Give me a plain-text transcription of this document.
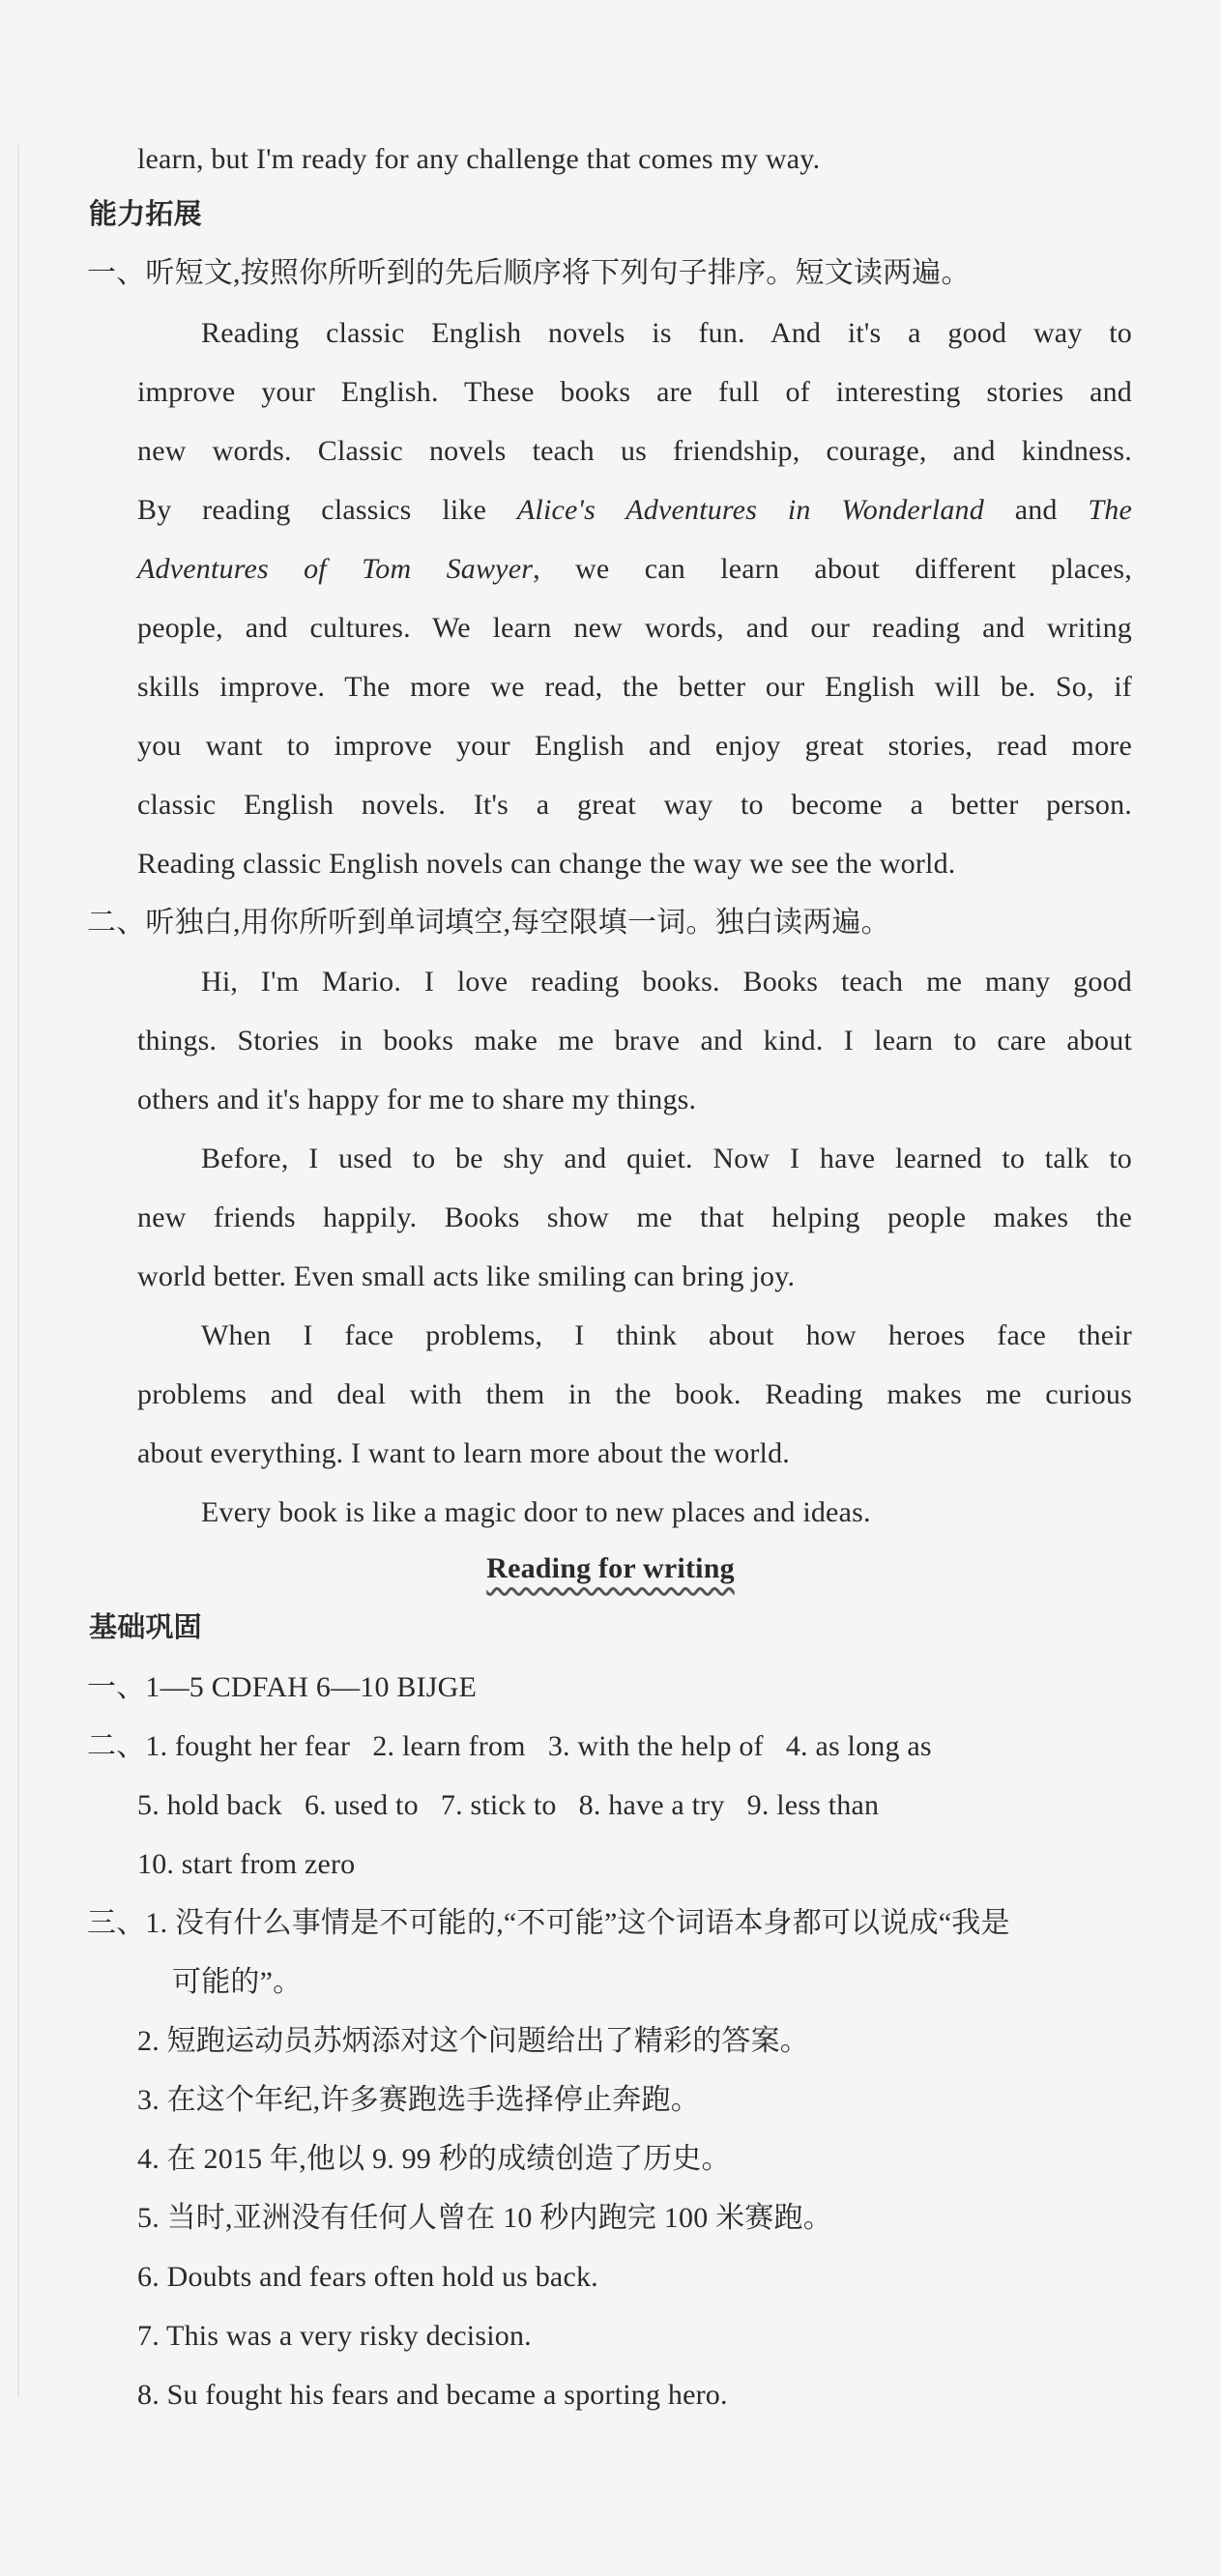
learn, but I'm ready for any challenge that comes my way.
能力拓展
一、听短文,按照你所听到的先后顺序将下列句子排序。短文读两遍。
Reading classic English novels is fun. And it's a good way to
improve your English. These books are full of interesting stories and
new words. Classic novels teach us friendship, courage, and kindness.
By reading classics like Alice's Adventures in Wonderland and The
Adventures of Tom Sawyer, we can learn about different places,
people, and cultures. We learn new words, and our reading and writing
skills improve. The more we read, the better our English will be. So, if
you want to improve your English and enjoy great stories, read more
classic English novels. It's a great way to become a better person.
Reading classic English novels can change the way we see the world.
二、听独白,用你所听到单词填空,每空限填一词。独白读两遍。
Hi, I'm Mario. I love reading books. Books teach me many good
things. Stories in books make me brave and kind. I learn to care about
others and it's happy for me to share my things.
Before, I used to be shy and quiet. Now I have learned to talk to
new friends happily. Books show me that helping people makes the
world better. Even small acts like smiling can bring joy.
When I face problems, I think about how heroes face their
problems and deal with them in the book. Reading makes me curious
about everything. I want to learn more about the world.
Every book is like a magic door to new places and ideas.
Reading for writing
基础巩固
一、1—5 CDFAH 6—10 BIJGE
二、1. fought her fear   2. learn from   3. with the help of   4. as long as
5. hold back   6. used to   7. stick to   8. have a try   9. less than
10. start from zero
三、1. 没有什么事情是不可能的,“不可能”这个词语本身都可以说成“我是
可能的”。
2. 短跑运动员苏炳添对这个问题给出了精彩的答案。
3. 在这个年纪,许多赛跑选手选择停止奔跑。
4. 在 2015 年,他以 9. 99 秒的成绩创造了历史。
5. 当时,亚洲没有任何人曾在 10 秒内跑完 100 米赛跑。
6. Doubts and fears often hold us back.
7. This was a very risky decision.
8. Su fought his fears and became a sporting hero.
